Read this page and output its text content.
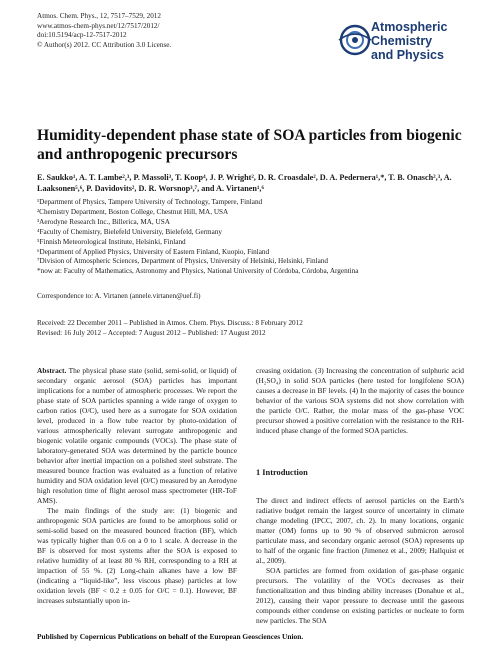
Atmos. Chem. Phys., 12, 7517–7529, 2012
www.atmos-chem-phys.net/12/7517/2012/
doi:10.5194/acp-12-7517-2012
© Author(s) 2012. CC Attribution 3.0 License.
Atmospheric
Chemistry
and Physics
Humidity-dependent phase state of SOA particles from biogenic and anthropogenic precursors
E. Saukko¹, A. T. Lambe²,³, P. Massoli³, T. Koop⁴, J. P. Wright², D. R. Croasdale², D. A. Pedernera¹,*, T. B. Onasch²,³, A. Laaksonen⁵,⁶, P. Davidovits², D. R. Worsnop³,⁷, and A. Virtanen¹,⁶
¹Department of Physics, Tampere University of Technology, Tampere, Finland
²Chemistry Department, Boston College, Chestnut Hill, MA, USA
³Aerodyne Research Inc., Billerica, MA, USA
⁴Faculty of Chemistry, Bielefeld University, Bielefeld, Germany
⁵Finnish Meteorological Institute, Helsinki, Finland
⁶Department of Applied Physics, University of Eastern Finland, Kuopio, Finland
⁷Division of Atmospheric Sciences, Department of Physics, University of Helsinki, Helsinki, Finland
*now at: Faculty of Mathematics, Astronomy and Physics, National University of Córdoba, Córdoba, Argentina
Correspondence to: A. Virtanen (annele.virtanen@uef.fi)
Received: 22 December 2011 – Published in Atmos. Chem. Phys. Discuss.: 8 February 2012
Revised: 16 July 2012 – Accepted: 7 August 2012 – Published: 17 August 2012

Abstract. The physical phase state (solid, semi-solid, or liquid) of secondary organic aerosol (SOA) particles has important implications for a number of atmospheric processes. We report the phase state of SOA particles spanning a wide range of oxygen to carbon ratios (O/C), used here as a surrogate for SOA oxidation level, produced in a flow tube reactor by photo-oxidation of various atmospherically relevant surrogate anthropogenic and biogenic volatile organic compounds (VOCs). The phase state of laboratory-generated SOA was determined by the particle bounce behavior after inertial impaction on a polished steel substrate. The measured bounce fraction was evaluated as a function of relative humidity and SOA oxidation level (O/C) measured by an Aerodyne high resolution time of flight aerosol mass spectrometer (HR-ToF AMS).

The main findings of the study are: (1) biogenic and anthropogenic SOA particles are found to be amorphous solid or semi-solid based on the measured bounced fraction (BF), which was typically higher than 0.6 on a 0 to 1 scale. A decrease in the BF is observed for most systems after the SOA is exposed to relative humidity of at least 80 % RH, corresponding to a RH at impaction of 55 %. (2) Long-chain alkanes have a low BF (indicating a “liquid-like”, less viscous phase) particles at low oxidation levels (BF < 0.2 ± 0.05 for O/C = 0.1). However, BF increases substantially upon in-

creasing oxidation. (3) Increasing the concentration of sulphuric acid (H₂SO₄) in solid SOA particles (here tested for longifolene SOA) causes a decrease in BF levels. (4) In the majority of cases the bounce behavior of the various SOA systems did not show correlation with the particle O/C. Rather, the molar mass of the gas-phase VOC precursor showed a positive correlation with the resistance to the RH-induced phase change of the formed SOA particles.

1 Introduction

The direct and indirect effects of aerosol particles on the Earth’s radiative budget remain the largest source of uncertainty in climate change modeling (IPCC, 2007, ch. 2). In many locations, organic matter (OM) forms up to 90 % of observed submicron aerosol particulate mass, and secondary organic aerosol (SOA) represents up to half of the organic fine fraction (Jimenez et al., 2009; Hallquist et al., 2009).

SOA particles are formed from oxidation of gas-phase organic precursors. The volatility of the VOCs decreases as their functionalization and thus binding ability increases (Donahue et al., 2012), causing their vapor pressure to decrease until the gaseous compounds either condense on existing particles or nucleate to form new particles. The SOA

Published by Copernicus Publications on behalf of the European Geosciences Union.
